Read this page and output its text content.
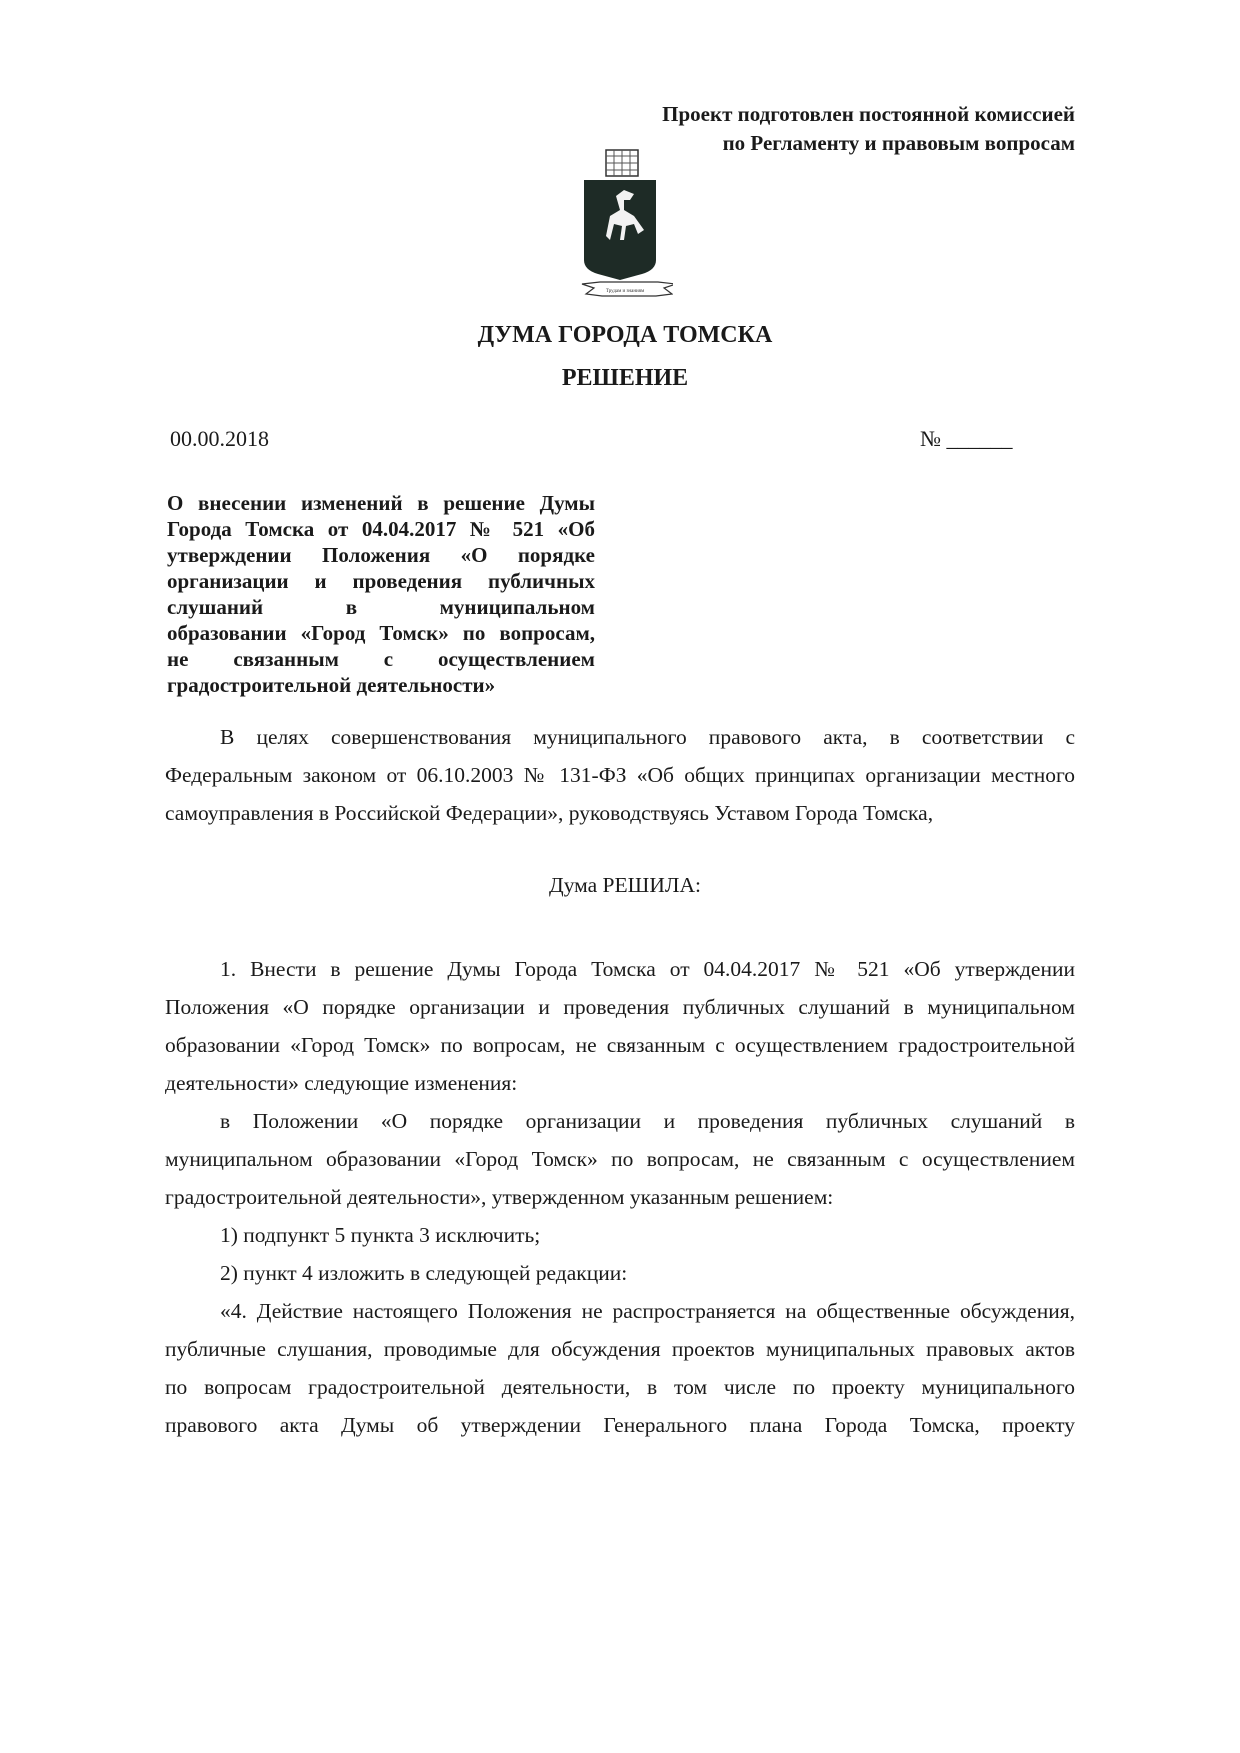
Проект подготовлен постоянной комиссией
по Регламенту и правовым вопросам
Трудам и знаниям
ДУМА ГОРОДА ТОМСКА
РЕШЕНИЕ
00.00.2018	№ ______
О внесении изменений в решение Думы
Города Томска от 04.04.2017 № 521 «Об
утверждении Положения «О порядке
организации и проведения публичных
слушаний в муниципальном
образовании «Город Томск» по вопросам,
не связанным с осуществлением
градостроительной деятельности»
В целях совершенствования муниципального правового акта, в соответствии с
Федеральным законом от 06.10.2003 № 131-ФЗ «Об общих принципах организации местного
самоуправления в Российской Федерации», руководствуясь Уставом Города Томска,
Дума РЕШИЛА:
1. Внести в решение Думы Города Томска от 04.04.2017 № 521 «Об утверждении
Положения «О порядке организации и проведения публичных слушаний в муниципальном
образовании «Город Томск» по вопросам, не связанным с осуществлением градостроительной
деятельности» следующие изменения:
в Положении «О порядке организации и проведения публичных слушаний в
муниципальном образовании «Город Томск» по вопросам, не связанным с осуществлением
градостроительной деятельности», утвержденном указанным решением:
1) подпункт 5 пункта 3 исключить;
2) пункт 4 изложить в следующей редакции:
«4. Действие настоящего Положения не распространяется на общественные обсуждения,
публичные слушания, проводимые для обсуждения проектов муниципальных правовых актов
по вопросам градостроительной деятельности, в том числе по проекту муниципального
правового акта Думы об утверждении Генерального плана Города Томска, проекту
